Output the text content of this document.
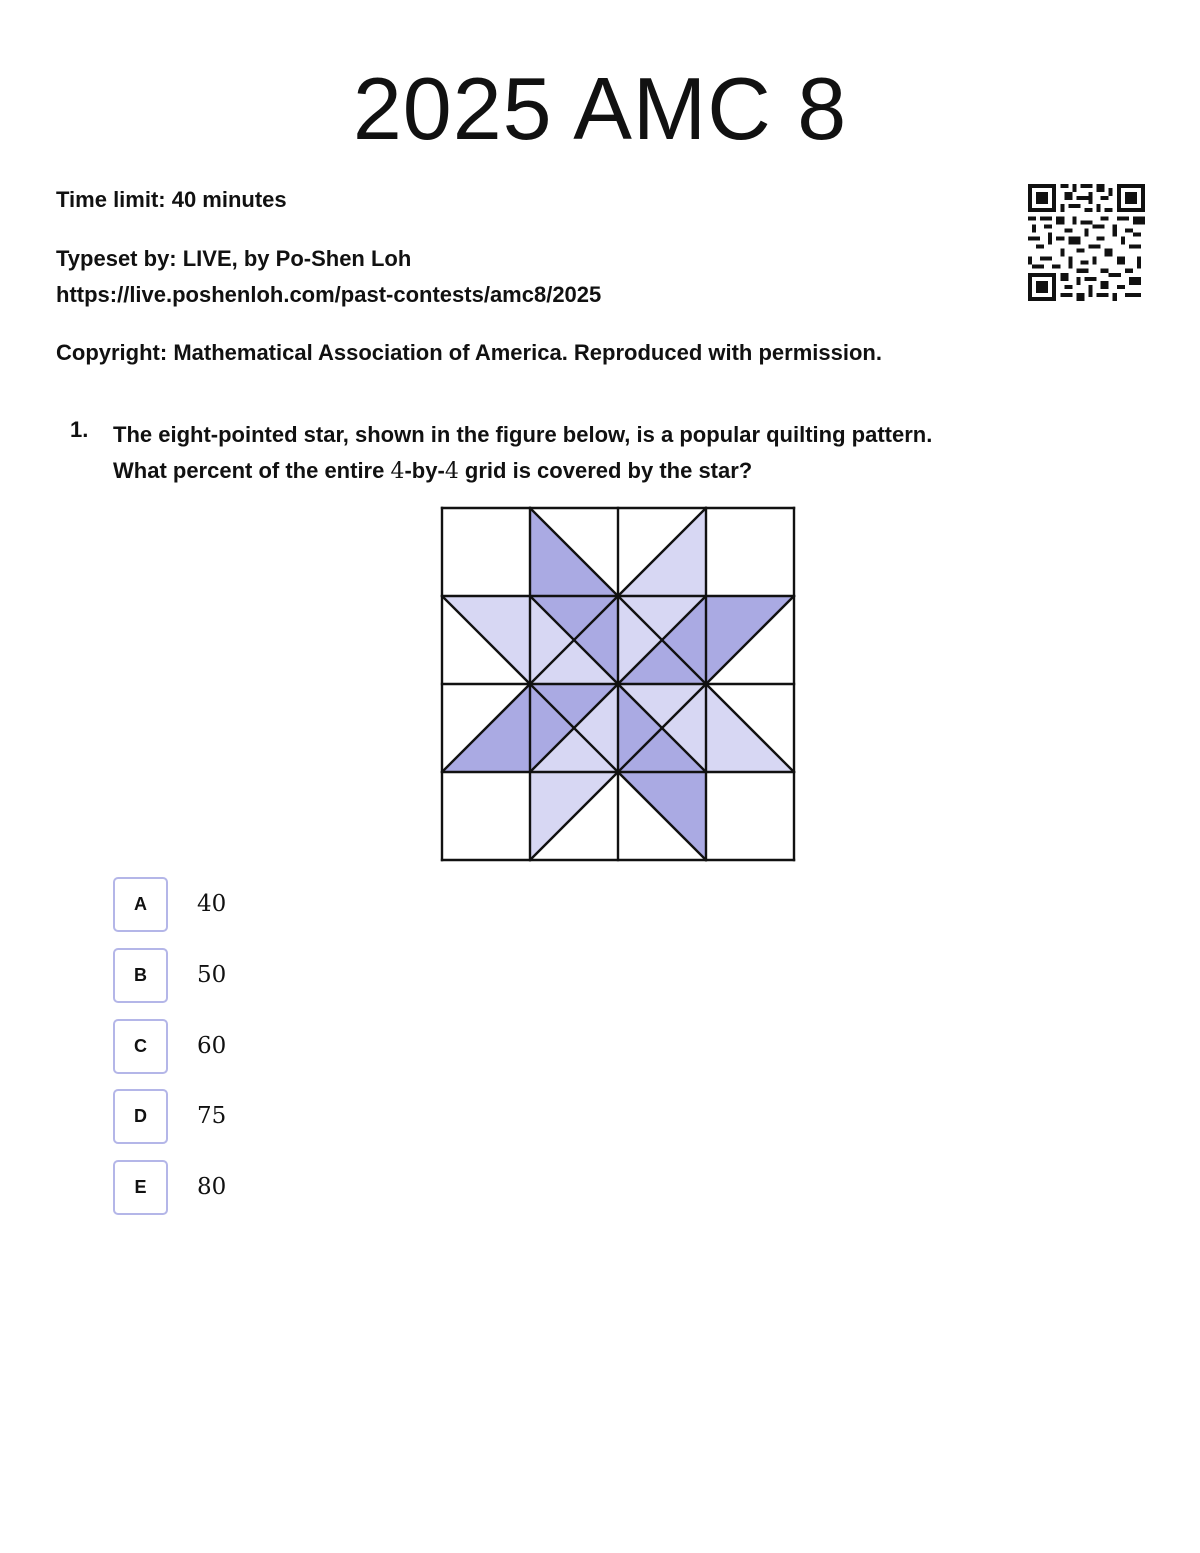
2025 AMC 8
Time limit: 40 minutes
Typeset by: LIVE, by Po-Shen Loh
https://live.poshenloh.com/past-contests/amc8/2025
Copyright: Mathematical Association of America. Reproduced with permission.
1. The eight-pointed star, shown in the figure below, is a popular quilting pattern.
What percent of the entire 4-by-4 grid is covered by the star?
A	40
B	50
C	60
D	75
E	80
